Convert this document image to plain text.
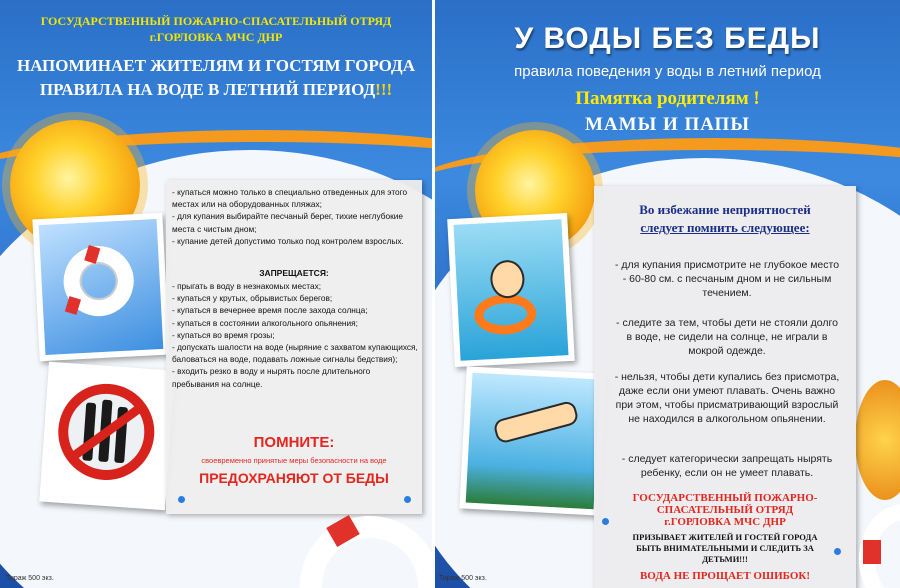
ГОСУДАРСТВЕННЫЙ ПОЖАРНО-СПАСАТЕЛЬНЫЙ ОТРЯД
г.ГОРЛОВКА МЧС ДНР
НАПОМИНАЕТ ЖИТЕЛЯМ И ГОСТЯМ ГОРОДА
ПРАВИЛА НА ВОДЕ В ЛЕТНИЙ ПЕРИОД!!!
- купаться можно только в специально отведенных для этого местах или на оборудованных пляжах;
- для купания выбирайте песчаный берег, тихие неглубокие места с чистым дном;
- купание детей допустимо только под контролем взрослых.
ЗАПРЕЩАЕТСЯ:
- прыгать в воду в незнакомых местах;
- купаться у крутых, обрывистых берегов;
- купаться в вечернее время после захода солнца;
- купаться в состоянии алкогольного опьянения;
- купаться во время грозы;
- допускать шалости на воде (ныряние с захватом купающихся, баловаться на воде, подавать ложные сигналы бедствия);
- входить резко в воду и нырять после длительного пребывания на солнце.
ПОМНИТЕ:
своевременно принятые меры безопасности на воде
ПРЕДОХРАНЯЮТ ОТ БЕДЫ
Тираж 500 экз.
У ВОДЫ БЕЗ БЕДЫ
правила поведения у воды в летний период
Памятка родителям !
МАМЫ И ПАПЫ
Во избежание неприятностей
следует помнить следующее:
- для купания присмотрите не глубокое место - 60-80 см. с песчаным дном и не сильным течением.
- следите за тем, чтобы дети не стояли долго в воде, не сидели на солнце, не играли в мокрой одежде.
- нельзя, чтобы дети купались без присмотра, даже если они умеют плавать. Очень важно при этом, чтобы присматривающий взрослый не находился в алкогольном опьянении.
- следует категорически запрещать нырять ребенку, если он не умеет плавать.
ГОСУДАРСТВЕННЫЙ ПОЖАРНО-
СПАСАТЕЛЬНЫЙ ОТРЯД
г.ГОРЛОВКА МЧС ДНР
ПРИЗЫВАЕТ ЖИТЕЛЕЙ И ГОСТЕЙ ГОРОДА
БЫТЬ ВНИМАТЕЛЬНЫМИ И СЛЕДИТЬ ЗА
ДЕТЬМИ!!!
ВОДА НЕ ПРОЩАЕТ ОШИБОК!
Тираж 500 экз.
